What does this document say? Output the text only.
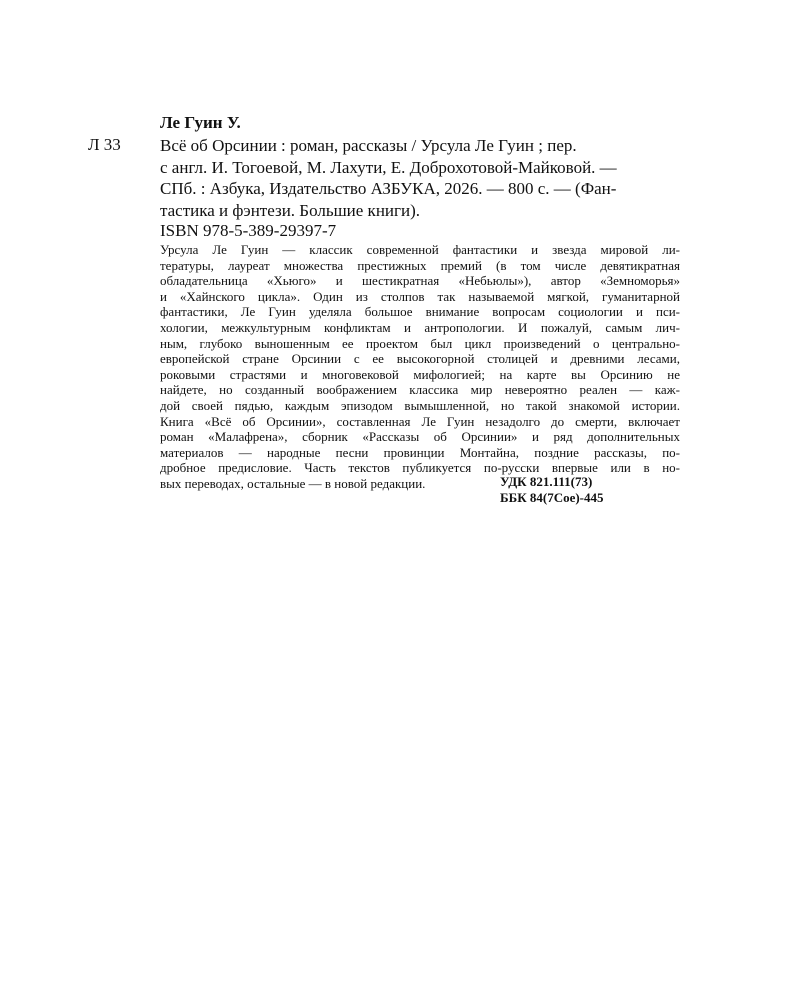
Ле Гуин У.
Л 33 Всё об Орсинии : роман, рассказы / Урсула Ле Гуин ; пер.
с англ. И. Тогоевой, М. Лахути, Е. Доброхотовой-Майковой. —
СПб. : Азбука, Издательство АЗБУКА, 2026. — 800 с. — (Фан-
тастика и фэнтези. Большие книги).
ISBN 978-5-389-29397-7
Урсула Ле Гуин — классик современной фантастики и звезда мировой ли-
тературы, лауреат множества престижных премий (в том числе девятикратная
обладательница «Хьюго» и шестикратная «Небьюлы»), автор «Земноморья»
и «Хайнского цикла». Один из столпов так называемой мягкой, гуманитарной
фантастики, Ле Гуин уделяла большое внимание вопросам социологии и пси-
хологии, межкультурным конфликтам и антропологии. И пожалуй, самым лич-
ным, глубоко выношенным ее проектом был цикл произведений о центрально-
европейской стране Орсинии с ее высокогорной столицей и древними лесами,
роковыми страстями и многовековой мифологией; на карте вы Орсинию не
найдете, но созданный воображением классика мир невероятно реален — каж-
дой своей пядью, каждым эпизодом вымышленной, но такой знакомой истории.
Книга «Всё об Орсинии», составленная Ле Гуин незадолго до смерти, включает
роман «Малафрена», сборник «Рассказы об Орсинии» и ряд дополнительных
материалов — народные песни провинции Монтайна, поздние рассказы, по-
дробное предисловие. Часть текстов публикуется по-русски впервые или в но-
вых переводах, остальные — в новой редакции.	УДК 821.111(73)
ББК 84(7Сое)-445
